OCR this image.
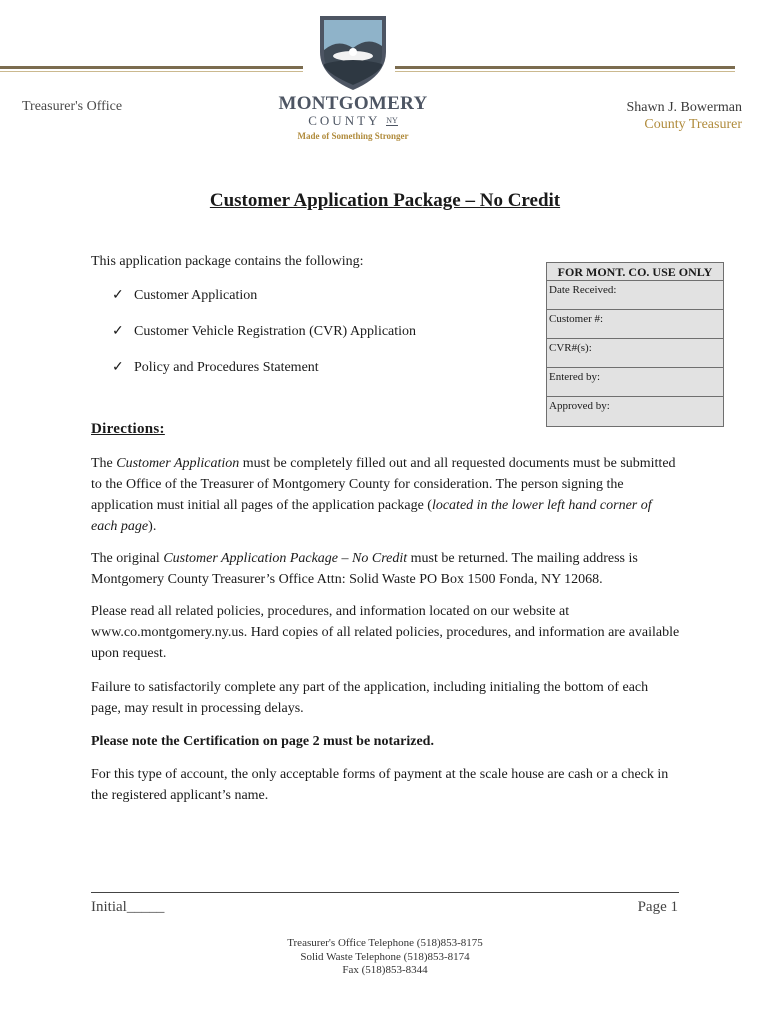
Treasurer's Office	Shawn J. Bowerman
County Treasurer
MONTGOMERY
COUNTY NY
Made of Something Stronger
Customer Application Package – No Credit
This application package contains the following:
✓ Customer Application
✓ Customer Vehicle Registration (CVR) Application
✓ Policy and Procedures Statement
FOR MONT. CO. USE ONLY
Date Received:
Customer #:
CVR#(s):
Entered by:
Approved by:
Directions:
The Customer Application must be completely filled out and all requested documents must be submitted to the Office of the Treasurer of Montgomery County for consideration. The person signing the application must initial all pages of the application package (located in the lower left hand corner of each page).
The original Customer Application Package – No Credit must be returned. The mailing address is Montgomery County Treasurer’s Office Attn: Solid Waste PO Box 1500 Fonda, NY 12068.
Please read all related policies, procedures, and information located on our website at www.co.montgomery.ny.us. Hard copies of all related policies, procedures, and information are available upon request.
Failure to satisfactorily complete any part of the application, including initialing the bottom of each page, may result in processing delays.
Please note the Certification on page 2 must be notarized.
For this type of account, the only acceptable forms of payment at the scale house are cash or a check in the registered applicant’s name.
Initial_____	Page 1
Treasurer's Office Telephone (518)853-8175
Solid Waste Telephone (518)853-8174
Fax (518)853-8344
